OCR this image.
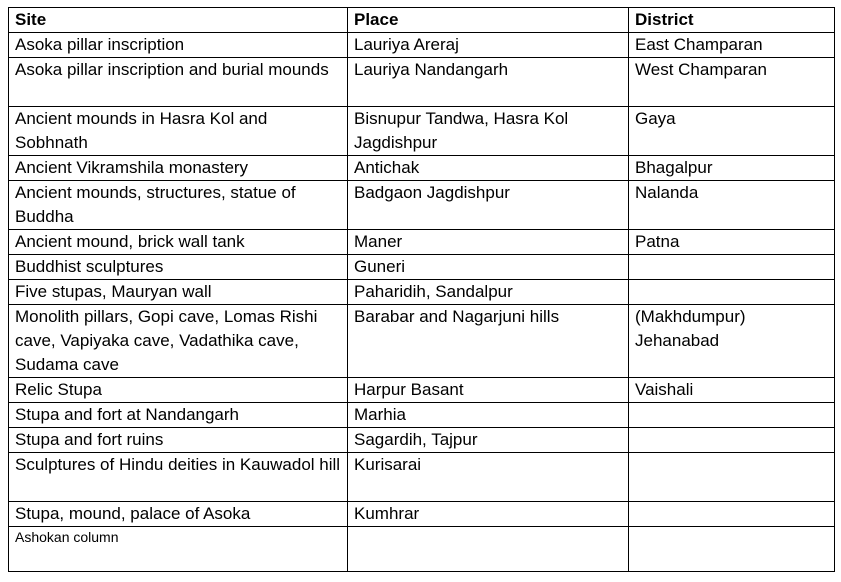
Site	Place	District
Asoka pillar inscription	Lauriya Areraj	East Champaran
Asoka pillar inscription and burial mounds	Lauriya Nandangarh	West Champaran
Ancient mounds in Hasra Kol and Sobhnath	Bisnupur Tandwa, Hasra Kol Jagdishpur	Gaya
Ancient Vikramshila monastery	Antichak	Bhagalpur
Ancient mounds, structures, statue of Buddha	Badgaon Jagdishpur	Nalanda
Ancient mound, brick wall tank	Maner	Patna
Buddhist sculptures	Guneri	
Five stupas, Mauryan wall	Paharidih, Sandalpur	
Monolith pillars, Gopi cave, Lomas Rishi cave, Vapiyaka cave, Vadathika cave, Sudama cave	Barabar and Nagarjuni hills	(Makhdumpur) Jehanabad
Relic Stupa	Harpur Basant	Vaishali
Stupa and fort at Nandangarh	Marhia	
Stupa and fort ruins	Sagardih, Tajpur	
Sculptures of Hindu deities in Kauwadol hill	Kurisarai	
Stupa, mound, palace of Asoka	Kumhrar	
Ashokan column		
